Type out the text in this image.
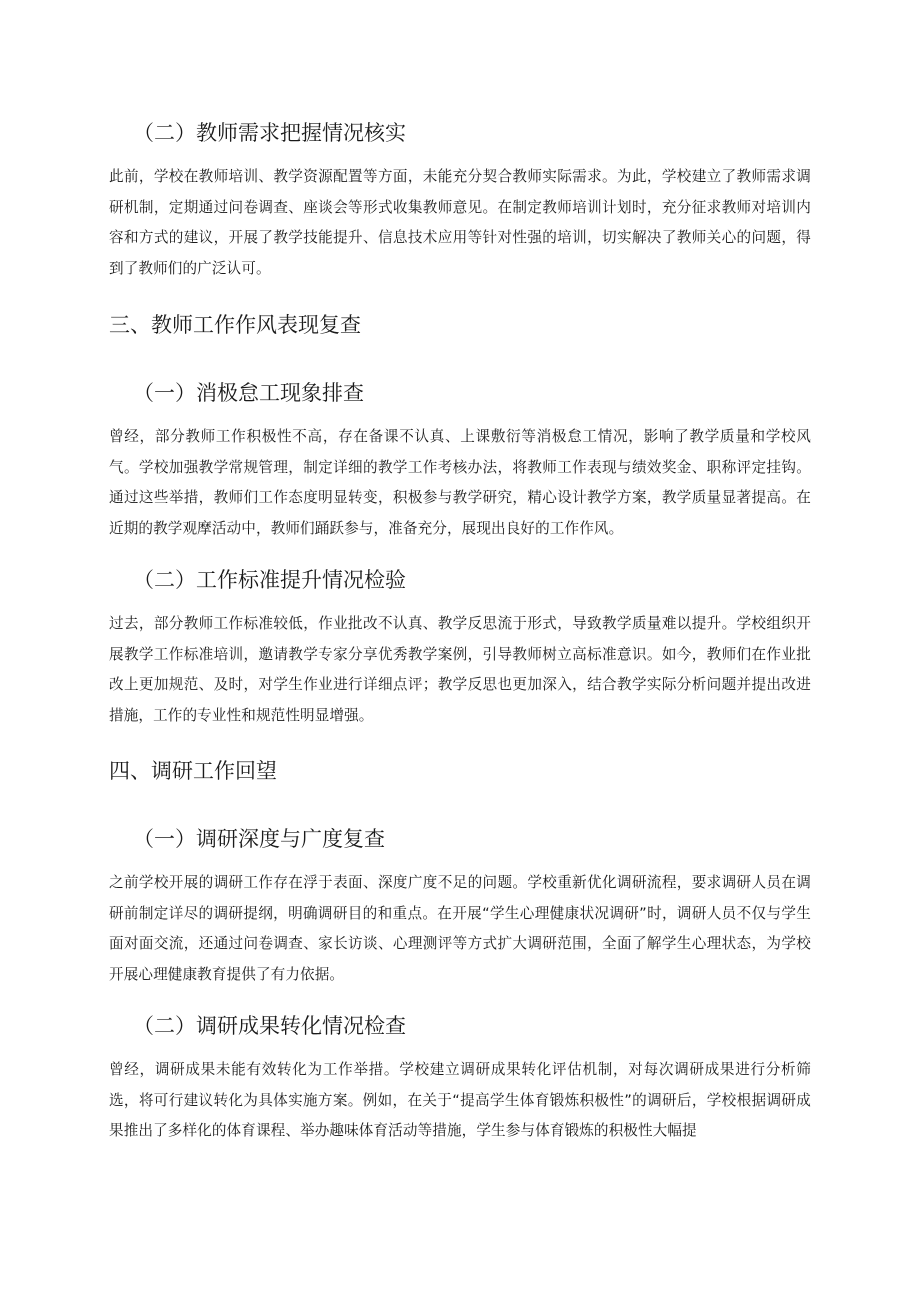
（二）教师需求把握情况核实

此前，学校在教师培训、教学资源配置等方面，未能充分契合教师实际需求。为此，学校建立了教师需求调研机制，定期通过问卷调查、座谈会等形式收集教师意见。在制定教师培训计划时，充分征求教师对培训内容和方式的建议，开展了教学技能提升、信息技术应用等针对性强的培训，切实解决了教师关心的问题，得到了教师们的广泛认可。

三、教师工作作风表现复查
（一）消极怠工现象排查

曾经，部分教师工作积极性不高，存在备课不认真、上课敷衍等消极怠工情况，影响了教学质量和学校风气。学校加强教学常规管理，制定详细的教学工作考核办法，将教师工作表现与绩效奖金、职称评定挂钩。通过这些举措，教师们工作态度明显转变，积极参与教学研究，精心设计教学方案，教学质量显著提高。在近期的教学观摩活动中，教师们踊跃参与，准备充分，展现出良好的工作作风。

（二）工作标准提升情况检验

过去，部分教师工作标准较低，作业批改不认真、教学反思流于形式，导致教学质量难以提升。学校组织开展教学工作标准培训，邀请教学专家分享优秀教学案例，引导教师树立高标准意识。如今，教师们在作业批改上更加规范、及时，对学生作业进行详细点评；教学反思也更加深入，结合教学实际分析问题并提出改进措施，工作的专业性和规范性明显增强。

四、调研工作回望
（一）调研深度与广度复查

之前学校开展的调研工作存在浮于表面、深度广度不足的问题。学校重新优化调研流程，要求调研人员在调研前制定详尽的调研提纲，明确调研目的和重点。在开展“学生心理健康状况调研”时，调研人员不仅与学生面对面交流，还通过问卷调查、家长访谈、心理测评等方式扩大调研范围，全面了解学生心理状态，为学校开展心理健康教育提供了有力依据。

（二）调研成果转化情况检查

曾经，调研成果未能有效转化为工作举措。学校建立调研成果转化评估机制，对每次调研成果进行分析筛选，将可行建议转化为具体实施方案。例如，在关于“提高学生体育锻炼积极性”的调研后，学校根据调研成果推出了多样化的体育课程、举办趣味体育活动等措施，学生参与体育锻炼的积极性大幅提
